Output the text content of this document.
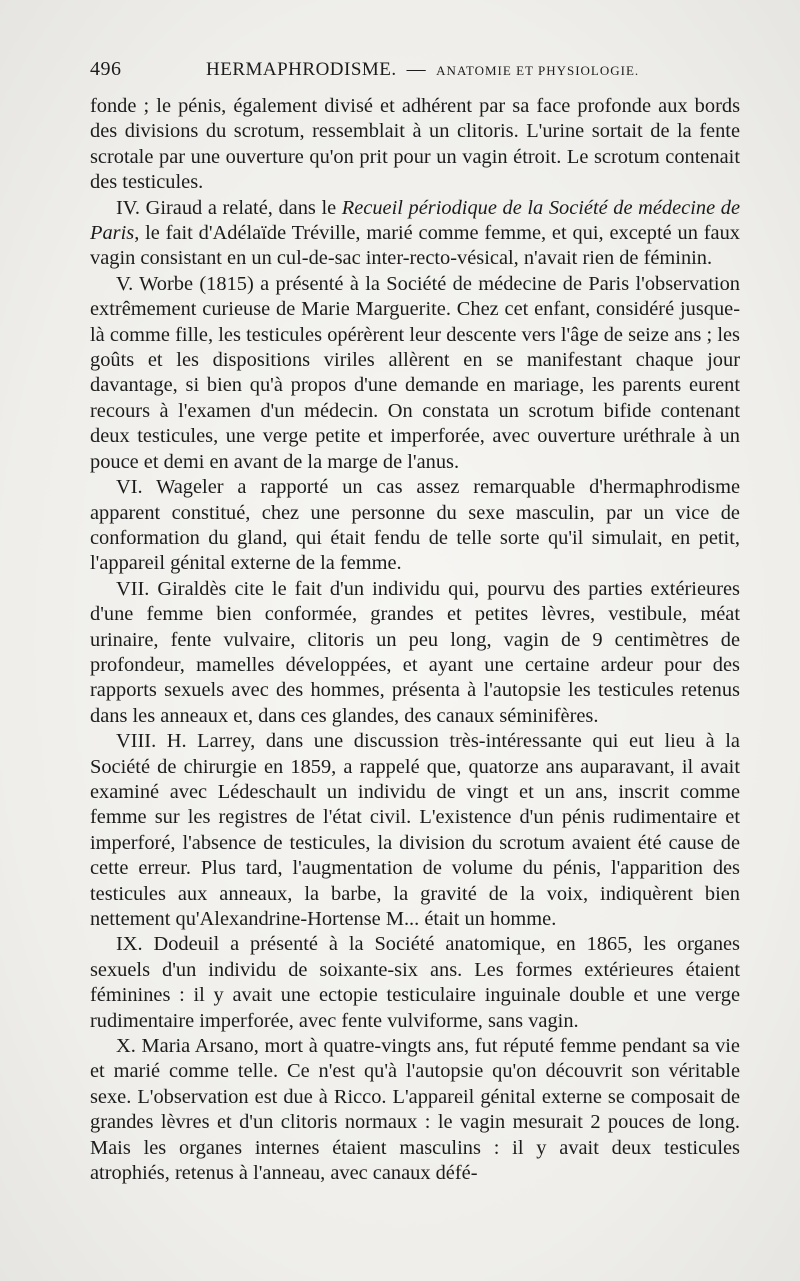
496	HERMAPHRODISME. — ANATOMIE ET PHYSIOLOGIE.

fonde ; le pénis, également divisé et adhérent par sa face profonde aux bords des divisions du scrotum, ressemblait à un clitoris. L'urine sortait de la fente scrotale par une ouverture qu'on prit pour un vagin étroit. Le scrotum contenait des testicules.

IV. Giraud a relaté, dans le Recueil périodique de la Société de médecine de Paris, le fait d'Adélaïde Tréville, marié comme femme, et qui, excepté un faux vagin consistant en un cul-de-sac inter-recto-vésical, n'avait rien de féminin.

V. Worbe (1815) a présenté à la Société de médecine de Paris l'observation extrêmement curieuse de Marie Marguerite. Chez cet enfant, considéré jusque-là comme fille, les testicules opérèrent leur descente vers l'âge de seize ans ; les goûts et les dispositions viriles allèrent en se manifestant chaque jour davantage, si bien qu'à propos d'une demande en mariage, les parents eurent recours à l'examen d'un médecin. On constata un scrotum bifide contenant deux testicules, une verge petite et imperforée, avec ouverture uréthrale à un pouce et demi en avant de la marge de l'anus.

VI. Wageler a rapporté un cas assez remarquable d'hermaphrodisme apparent constitué, chez une personne du sexe masculin, par un vice de conformation du gland, qui était fendu de telle sorte qu'il simulait, en petit, l'appareil génital externe de la femme.

VII. Giraldès cite le fait d'un individu qui, pourvu des parties extérieures d'une femme bien conformée, grandes et petites lèvres, vestibule, méat urinaire, fente vulvaire, clitoris un peu long, vagin de 9 centimètres de profondeur, mamelles développées, et ayant une certaine ardeur pour des rapports sexuels avec des hommes, présenta à l'autopsie les testicules retenus dans les anneaux et, dans ces glandes, des canaux séminifères.

VIII. H. Larrey, dans une discussion très-intéressante qui eut lieu à la Société de chirurgie en 1859, a rappelé que, quatorze ans auparavant, il avait examiné avec Lédeschault un individu de vingt et un ans, inscrit comme femme sur les registres de l'état civil. L'existence d'un pénis rudimentaire et imperforé, l'absence de testicules, la division du scrotum avaient été cause de cette erreur. Plus tard, l'augmentation de volume du pénis, l'apparition des testicules aux anneaux, la barbe, la gravité de la voix, indiquèrent bien nettement qu'Alexandrine-Hortense M... était un homme.

IX. Dodeuil a présenté à la Société anatomique, en 1865, les organes sexuels d'un individu de soixante-six ans. Les formes extérieures étaient féminines : il y avait une ectopie testiculaire inguinale double et une verge rudimentaire imperforée, avec fente vulviforme, sans vagin.

X. Maria Arsano, mort à quatre-vingts ans, fut réputé femme pendant sa vie et marié comme telle. Ce n'est qu'à l'autopsie qu'on découvrit son véritable sexe. L'observation est due à Ricco. L'appareil génital externe se composait de grandes lèvres et d'un clitoris normaux : le vagin mesurait 2 pouces de long. Mais les organes internes étaient masculins : il y avait deux testicules atrophiés, retenus à l'anneau, avec canaux défé-
